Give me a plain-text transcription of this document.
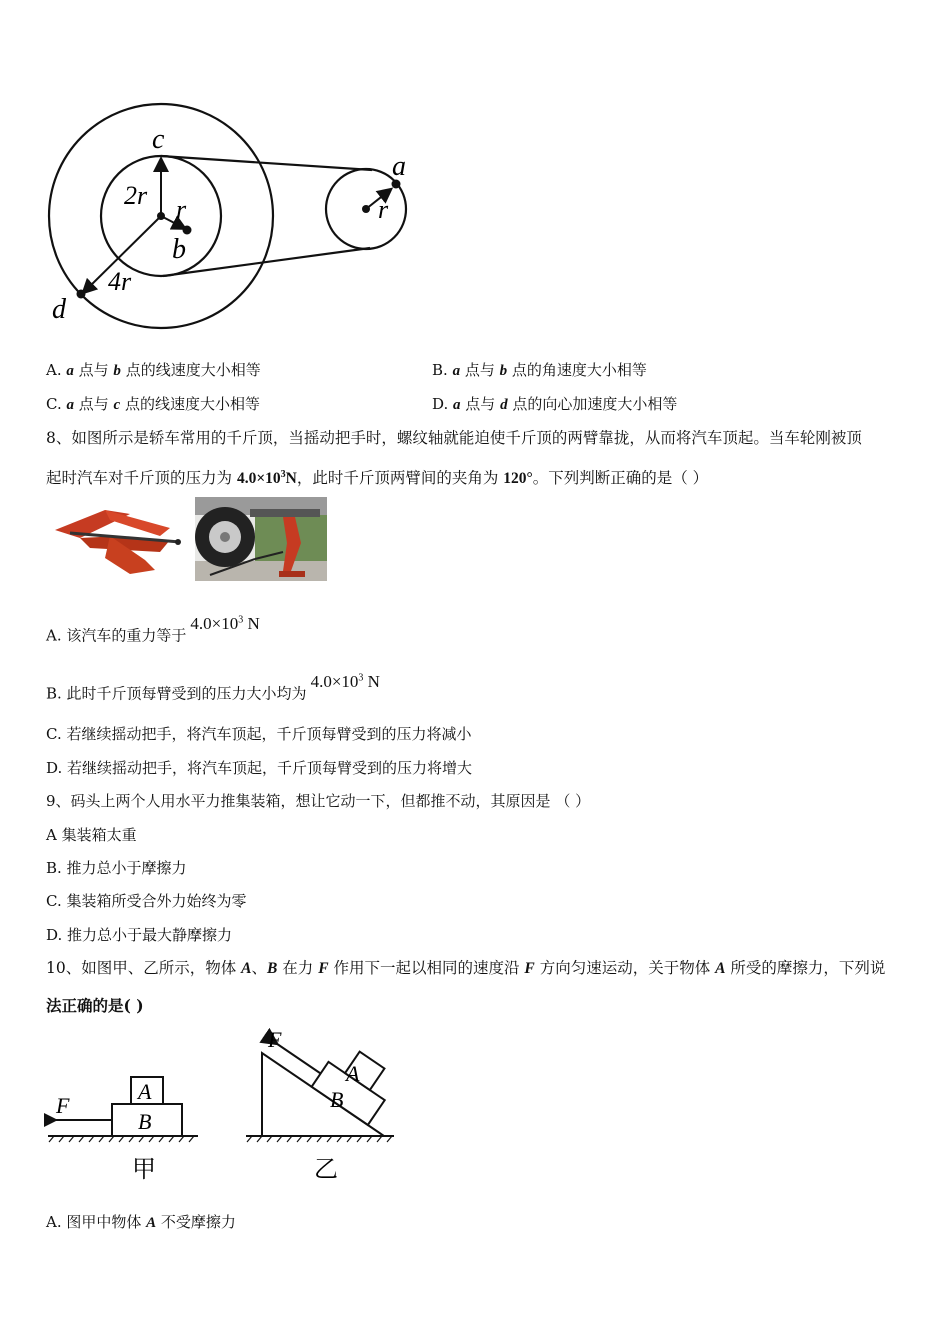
c
2r r
b
4r
d
a
r
A. a 点与 b 点的线速度大小相等	B. a 点与 b 点的角速度大小相等
C. a 点与 c 点的线速度大小相等	D. a 点与 d 点的向心加速度大小相等
8、如图所示是轿车常用的千斤顶，当摇动把手时，螺纹轴就能迫使千斤顶的两臂靠拢，从而将汽车顶起。当车轮刚被顶
起时汽车对千斤顶的压力为 $4.0\times 10^3N$，此时千斤顶两臂间的夹角为 120°。下列判断正确的是（ ）
A. 该汽车的重力等于$4.0\times 10^3$ N
B. 此时千斤顶每臂受到的压力大小均为$4.0\times 10^3$ N
C. 若继续摇动把手，将汽车顶起，千斤顶每臂受到的压力将减小
D. 若继续摇动把手，将汽车顶起，千斤顶每臂受到的压力将增大
9、码头上两个人用水平力推集装箱，想让它动一下，但都推不动，其原因是 （ ）
A 集装箱太重
B. 推力总小于摩擦力
C. 集装箱所受合外力始终为零
D. 推力总小于最大静摩擦力
10、如图甲、乙所示，物体 A、B 在力 F 作用下一起以相同的速度沿 F 方向匀速运动，关于物体 A 所受的摩擦力，下列说
法正确的是( )
F
A
B
甲
F
A
B
乙
A. 图甲中物体 A 不受摩擦力
